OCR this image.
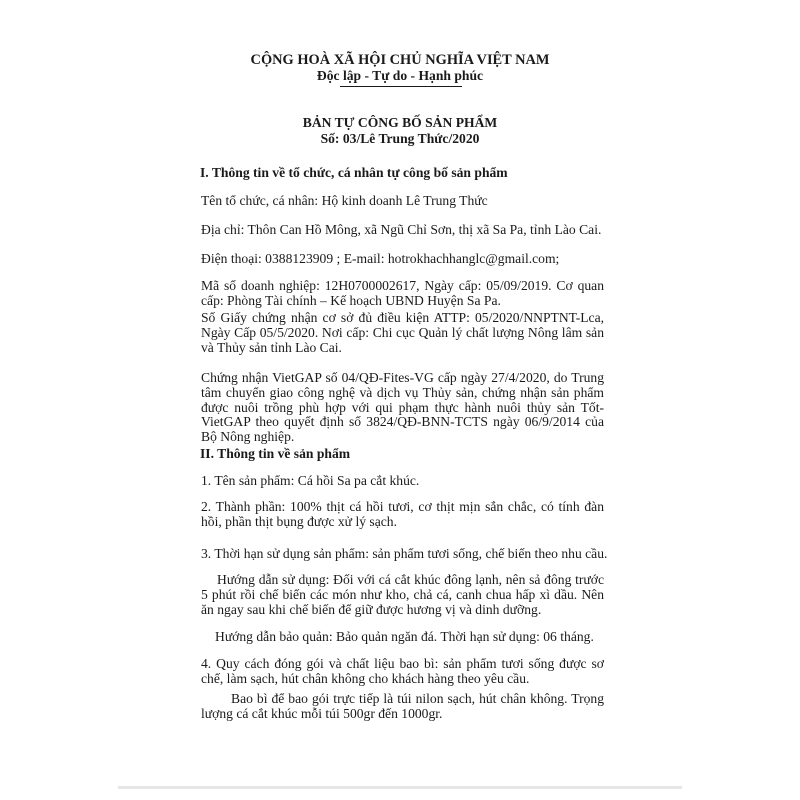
CỘNG HOÀ XÃ HỘI CHỦ NGHĨA VIỆT NAM
Độc lập - Tự do - Hạnh phúc
BẢN TỰ CÔNG BỐ SẢN PHẨM
Số: 03/Lê Trung Thức/2020
I. Thông tin về tổ chức, cá nhân tự công bố sản phẩm
Tên tổ chức, cá nhân: Hộ kinh doanh Lê Trung Thức
Địa chỉ: Thôn Can Hồ Mông, xã Ngũ Chỉ Sơn, thị xã Sa Pa, tỉnh Lào Cai.
Điện thoại: 0388123909 ; E-mail: hotrokhachhanglc@gmail.com;
Mã số doanh nghiệp: 12H0700002617, Ngày cấp: 05/09/2019. Cơ quan cấp: Phòng Tài chính – Kế hoạch UBND Huyện Sa Pa.
Số Giấy chứng nhận cơ sở đủ điều kiện ATTP: 05/2020/NNPTNT-Lca, Ngày Cấp 05/5/2020. Nơi cấp: Chi cục Quản lý chất lượng Nông lâm sản và Thủy sản tỉnh Lào Cai.
Chứng nhận VietGAP số 04/QĐ-Fites-VG cấp ngày 27/4/2020, do Trung tâm chuyển giao công nghệ và dịch vụ Thủy sản, chứng nhận sản phẩm được nuôi trồng phù hợp với qui phạm thực hành nuôi thủy sản Tốt-VietGAP theo quyết định số 3824/QĐ-BNN-TCTS ngày 06/9/2014 của Bộ Nông nghiệp.
II. Thông tin về sản phẩm
1. Tên sản phẩm: Cá hồi Sa pa cắt khúc.
2. Thành phần: 100% thịt cá hồi tươi, cơ thịt mịn sắn chắc, có tính đàn hồi, phần thịt bụng được xử lý sạch.
3. Thời hạn sử dụng sản phẩm: sản phẩm tươi sống, chế biến theo nhu cầu.
Hướng dẫn sử dụng: Đối với cá cắt khúc đông lạnh, nên sả đông trước 5 phút rồi chế biến các món như kho, chả cá, canh chua hấp xì dầu. Nên ăn ngay sau khi chế biến để giữ được hương vị và dinh dưỡng.
Hướng dẫn bảo quản: Bảo quản ngăn đá. Thời hạn sử dụng: 06 tháng.
4. Quy cách đóng gói và chất liệu bao bì: sản phẩm tươi sống được sơ chế, làm sạch, hút chân không cho khách hàng theo yêu cầu.
Bao bì để bao gói trực tiếp là túi nilon sạch, hút chân không. Trọng lượng cá cắt khúc mỗi túi 500gr đến 1000gr.
